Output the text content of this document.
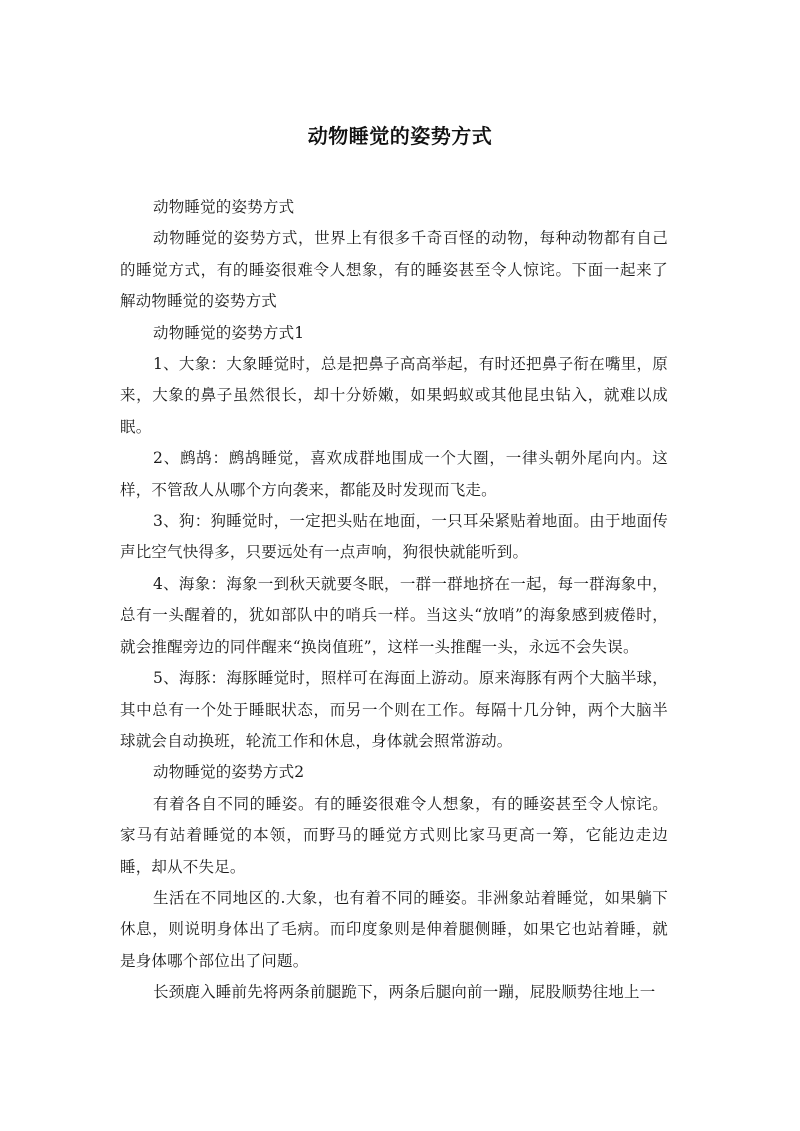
动物睡觉的姿势方式

动物睡觉的姿势方式

动物睡觉的姿势方式，世界上有很多千奇百怪的动物，每种动物都有自己的睡觉方式，有的睡姿很难令人想象，有的睡姿甚至令人惊诧。下面一起来了解动物睡觉的姿势方式

动物睡觉的姿势方式1

1、大象：大象睡觉时，总是把鼻子高高举起，有时还把鼻子衔在嘴里，原来，大象的鼻子虽然很长，却十分娇嫩，如果蚂蚁或其他昆虫钻入，就难以成眠。

2、鹧鸪：鹧鸪睡觉，喜欢成群地围成一个大圈，一律头朝外尾向内。这样，不管敌人从哪个方向袭来，都能及时发现而飞走。

3、狗：狗睡觉时，一定把头贴在地面，一只耳朵紧贴着地面。由于地面传声比空气快得多，只要远处有一点声响，狗很快就能听到。

4、海象：海象一到秋天就要冬眠，一群一群地挤在一起，每一群海象中，总有一头醒着的，犹如部队中的哨兵一样。当这头“放哨”的海象感到疲倦时，就会推醒旁边的同伴醒来“换岗值班”，这样一头推醒一头，永远不会失误。

5、海豚：海豚睡觉时，照样可在海面上游动。原来海豚有两个大脑半球，其中总有一个处于睡眠状态，而另一个则在工作。每隔十几分钟，两个大脑半球就会自动换班，轮流工作和休息，身体就会照常游动。

动物睡觉的姿势方式2

有着各自不同的睡姿。有的睡姿很难令人想象，有的睡姿甚至令人惊诧。家马有站着睡觉的本领，而野马的睡觉方式则比家马更高一筹，它能边走边睡，却从不失足。

生活在不同地区的.大象，也有着不同的睡姿。非洲象站着睡觉，如果躺下休息，则说明身体出了毛病。而印度象则是伸着腿侧睡，如果它也站着睡，就是身体哪个部位出了问题。

长颈鹿入睡前先将两条前腿跪下，两条后腿向前一蹦，屁股顺势往地上一
